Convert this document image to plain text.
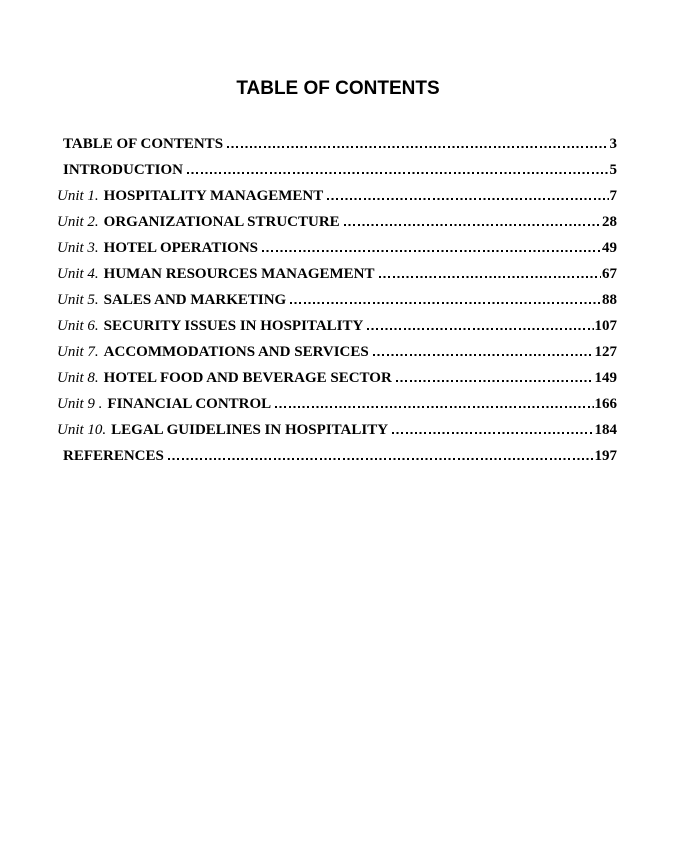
TABLE OF CONTENTS
TABLE OF CONTENTS	3
INTRODUCTION	5
Unit 1. HOSPITALITY MANAGEMENT	7
Unit 2. ORGANIZATIONAL STRUCTURE	28
Unit 3. HOTEL OPERATIONS	49
Unit 4. HUMAN RESOURCES MANAGEMENT	67
Unit 5. SALES AND MARKETING	88
Unit 6. SECURITY ISSUES IN HOSPITALITY	107
Unit 7. ACCOMMODATIONS AND SERVICES	127
Unit 8. HOTEL FOOD AND BEVERAGE SECTOR	149
Unit 9 . FINANCIAL CONTROL	166
Unit 10. LEGAL GUIDELINES IN HOSPITALITY	184
REFERENCES	197
